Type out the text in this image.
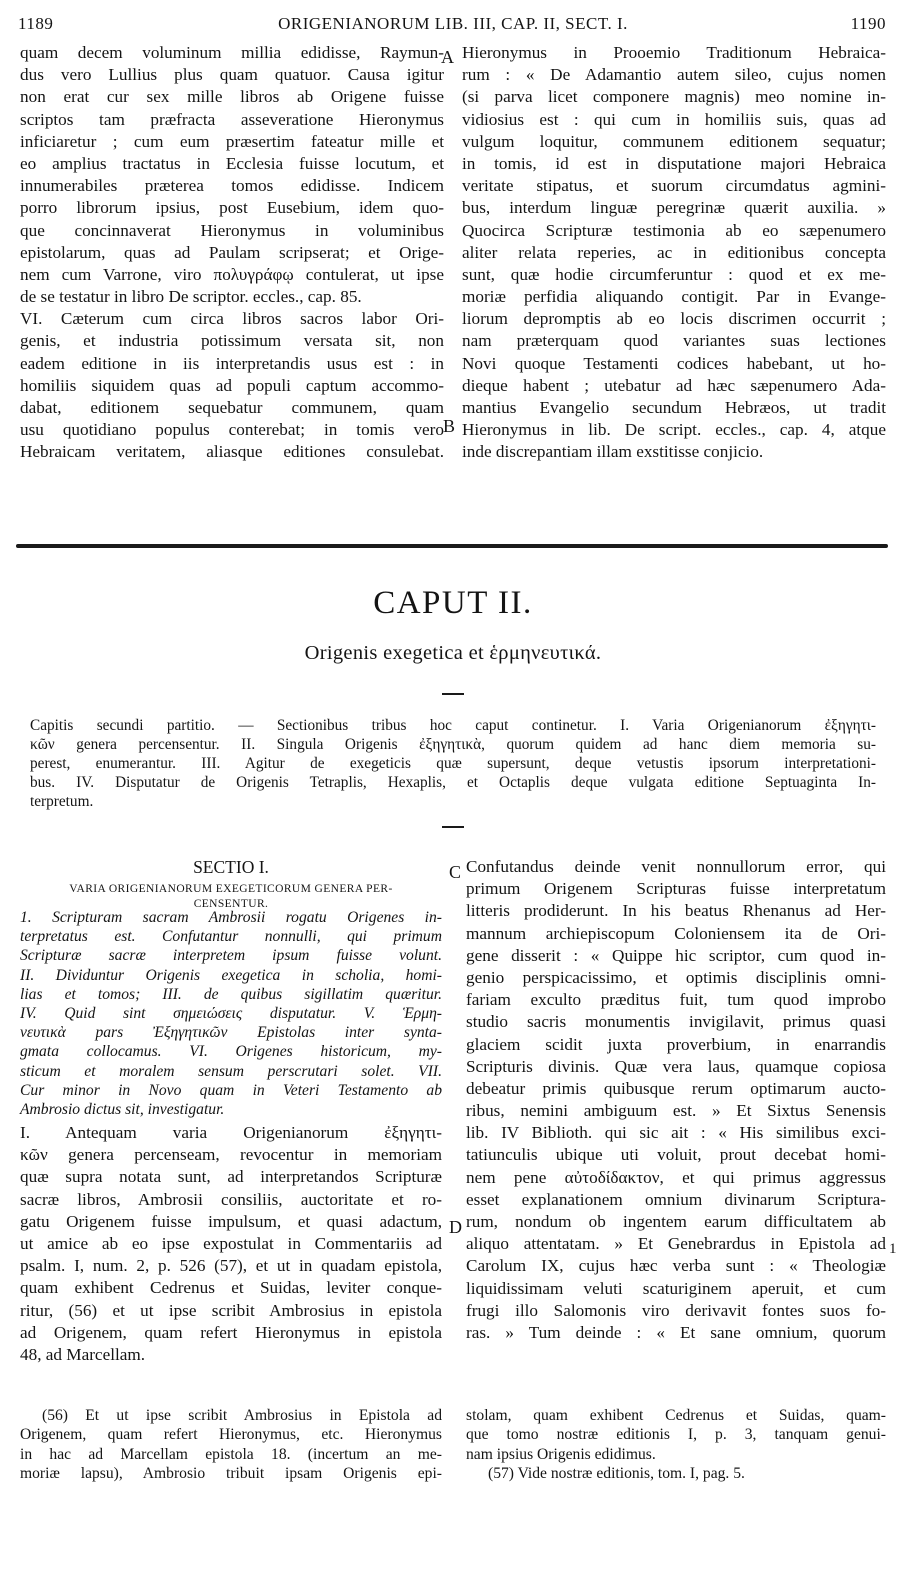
1189	ORIGENIANORUM LIB. III, CAP. II, SECT. I.	1190
quam decem voluminum millia edidisse, Raymun-
dus vero Lullius plus quam quatuor. Causa igitur
non erat cur sex mille libros ab Origene fuisse
scriptos tam præfracta asseveratione Hieronymus
inficiaretur ; cum eum præsertim fateatur mille et
eo amplius tractatus in Ecclesia fuisse locutum, et
innumerabiles præterea tomos edidisse. Indicem
porro librorum ipsius, post Eusebium, idem quo-
que concinnaverat Hieronymus in voluminibus
epistolarum, quas ad Paulam scripserat; et Orige-
nem cum Varrone, viro πολυγράφῳ contulerat, ut ipse
de se testatur in libro De scriptor. eccles., cap. 85.
VI. Cæterum cum circa libros sacros labor Ori-
genis, et industria potissimum versata sit, non
eadem editione in iis interpretandis usus est : in
homiliis siquidem quas ad populi captum accommo-
dabat, editionem sequebatur communem, quam
usu quotidiano populus conterebat; in tomis vero
Hebraicam veritatem, aliasque editiones consulebat.
A
B
Hieronymus in Prooemio Traditionum Hebraica-
rum : « De Adamantio autem sileo, cujus nomen
(si parva licet componere magnis) meo nomine in-
vidiosius est : qui cum in homiliis suis, quas ad
vulgum loquitur, communem editionem sequatur;
in tomis, id est in disputatione majori Hebraica
veritate stipatus, et suorum circumdatus agmini-
bus, interdum linguæ peregrinæ quærit auxilia. »
Quocirca Scripturæ testimonia ab eo sæpenumero
aliter relata reperies, ac in editionibus concepta
sunt, quæ hodie circumferuntur : quod et ex me-
moriæ perfidia aliquando contigit. Par in Evange-
liorum depromptis ab eo locis discrimen occurrit ;
nam præterquam quod variantes suas lectiones
Novi quoque Testamenti codices habebant, ut ho-
dieque habent ; utebatur ad hæc sæpenumero Ada-
mantius Evangelio secundum Hebræos, ut tradit
Hieronymus in lib. De script. eccles., cap. 4, atque
inde discrepantiam illam exstitisse conjicio.
CAPUT II.
Origenis exegetica et ἑρμηνευτικά.
Capitis secundi partitio. — Sectionibus tribus hoc caput continetur. I. Varia Origenianorum ἐξηγητι-
κῶν genera percensentur. II. Singula Origenis ἐξηγητικὰ, quorum quidem ad hanc diem memoria su-
perest, enumerantur. III. Agitur de exegeticis quæ supersunt, deque vetustis ipsorum interpretationi-
bus. IV. Disputatur de Origenis Tetraplis, Hexaplis, et Octaplis deque vulgata editione Septuaginta In-
terpretum.
SECTIO I.
VARIA ORIGENIANORUM EXEGETICORUM GENERA PER-
CENSENTUR.
1. Scripturam sacram Ambrosii rogatu Origenes in-
terpretatus est. Confutantur nonnulli, qui primum
Scripturæ sacræ interpretem ipsum fuisse volunt.
II. Dividuntur Origenis exegetica in scholia, homi-
lias et tomos; III. de quibus sigillatim quæritur.
IV. Quid sint σημειώσεις disputatur. V. Ἑρμη-
νευτικὰ pars Ἐξηγητικῶν Epistolas inter synta-
gmata collocamus. VI. Origenes historicum, my-
sticum et moralem sensum perscrutari solet. VII.
Cur minor in Novo quam in Veteri Testamento ab
Ambrosio dictus sit, investigatur.
I. Antequam varia Origenianorum ἐξηγητι-
κῶν genera percenseam, revocentur in memoriam
quæ supra notata sunt, ad interpretandos Scripturæ
sacræ libros, Ambrosii consiliis, auctoritate et ro-
gatu Origenem fuisse impulsum, et quasi adactum,
ut amice ab eo ipse expostulat in Commentariis ad
psalm. I, num. 2, p. 526 (57), et ut in quadam epistola,
quam exhibent Cedrenus et Suidas, leviter conque-
ritur, (56) et ut ipse scribit Ambrosius in epistola
ad Origenem, quam refert Hieronymus in epistola
48, ad Marcellam.
C
D
1
Confutandus deinde venit nonnullorum error, qui
primum Origenem Scripturas fuisse interpretatum
litteris prodiderunt. In his beatus Rhenanus ad Her-
mannum archiepiscopum Coloniensem ita de Ori-
gene disserit : « Quippe hic scriptor, cum quod in-
genio perspicacissimo, et optimis disciplinis omni-
fariam exculto præditus fuit, tum quod improbo
studio sacris monumentis invigilavit, primus quasi
glaciem scidit juxta proverbium, in enarrandis
Scripturis divinis. Quæ vera laus, quamque copiosa
debeatur primis quibusque rerum optimarum aucto-
ribus, nemini ambiguum est. » Et Sixtus Senensis
lib. IV Biblioth. qui sic ait : « His similibus exci-
tatiunculis ubique uti voluit, prout decebat homi-
nem pene αὐτοδίδακτον, et qui primus aggressus
esset explanationem omnium divinarum Scriptura-
rum, nondum ob ingentem earum difficultatem ab
aliquo attentatam. » Et Genebrardus in Epistola ad
Carolum IX, cujus hæc verba sunt : « Theologiæ
liquidissimam veluti scaturiginem aperuit, et cum
frugi illo Salomonis viro derivavit fontes suos fo-
ras. » Tum deinde : « Et sane omnium, quorum
(56) Et ut ipse scribit Ambrosius in Epistola ad
Origenem, quam refert Hieronymus, etc. Hieronymus
in hac ad Marcellam epistola 18. (incertum an me-
moriæ lapsu), Ambrosio tribuit ipsam Origenis epi-
stolam, quam exhibent Cedrenus et Suidas, quam-
que tomo nostræ editionis I, p. 3, tanquam genui-
nam ipsius Origenis edidimus.
(57) Vide nostræ editionis, tom. I, pag. 5.
